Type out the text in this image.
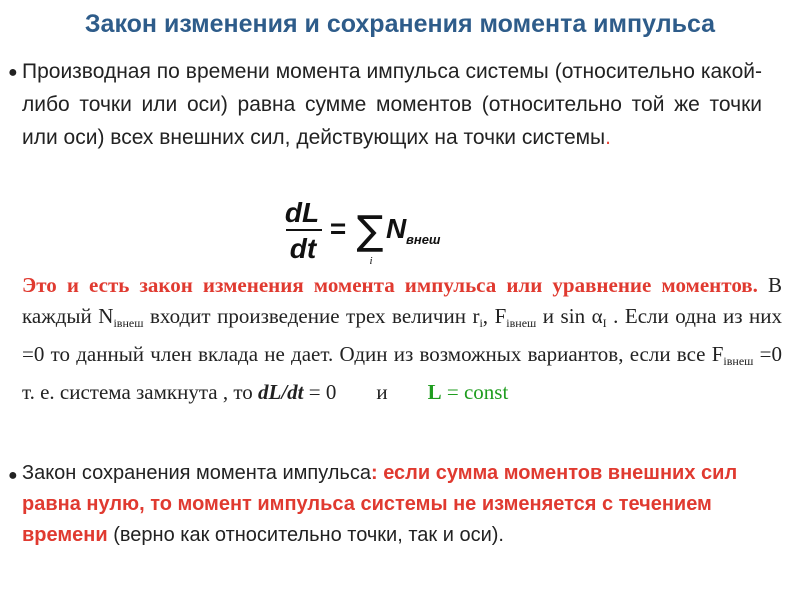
Закон изменения и сохранения момента импульса
● Производная по времени момента импульса системы (относительно какой-либо точки или оси) равна сумме моментов (относительно той же точки или оси) всех внешних сил, действующих на точки системы.
dL
dt
= ∑
i
N внеш
Это и есть закон изменения момента импульса или уравнение моментов. В каждый $N_{iвнеш}$ входит произведение трех величин $r_i$, $F_{iвнеш}$ и $\sin \alpha_I$ . Если одна из них =0 то данный член вклада не дает. Один из возможных вариантов, если все $F_{iвнеш} =0$ т. е. система замкнута , то dL/dt = 0 и L = const
● Закон сохранения момента импульса: если сумма моментов внешних сил равна нулю, то момент импульса системы не изменяется с течением времени (верно как относительно точки, так и оси).
